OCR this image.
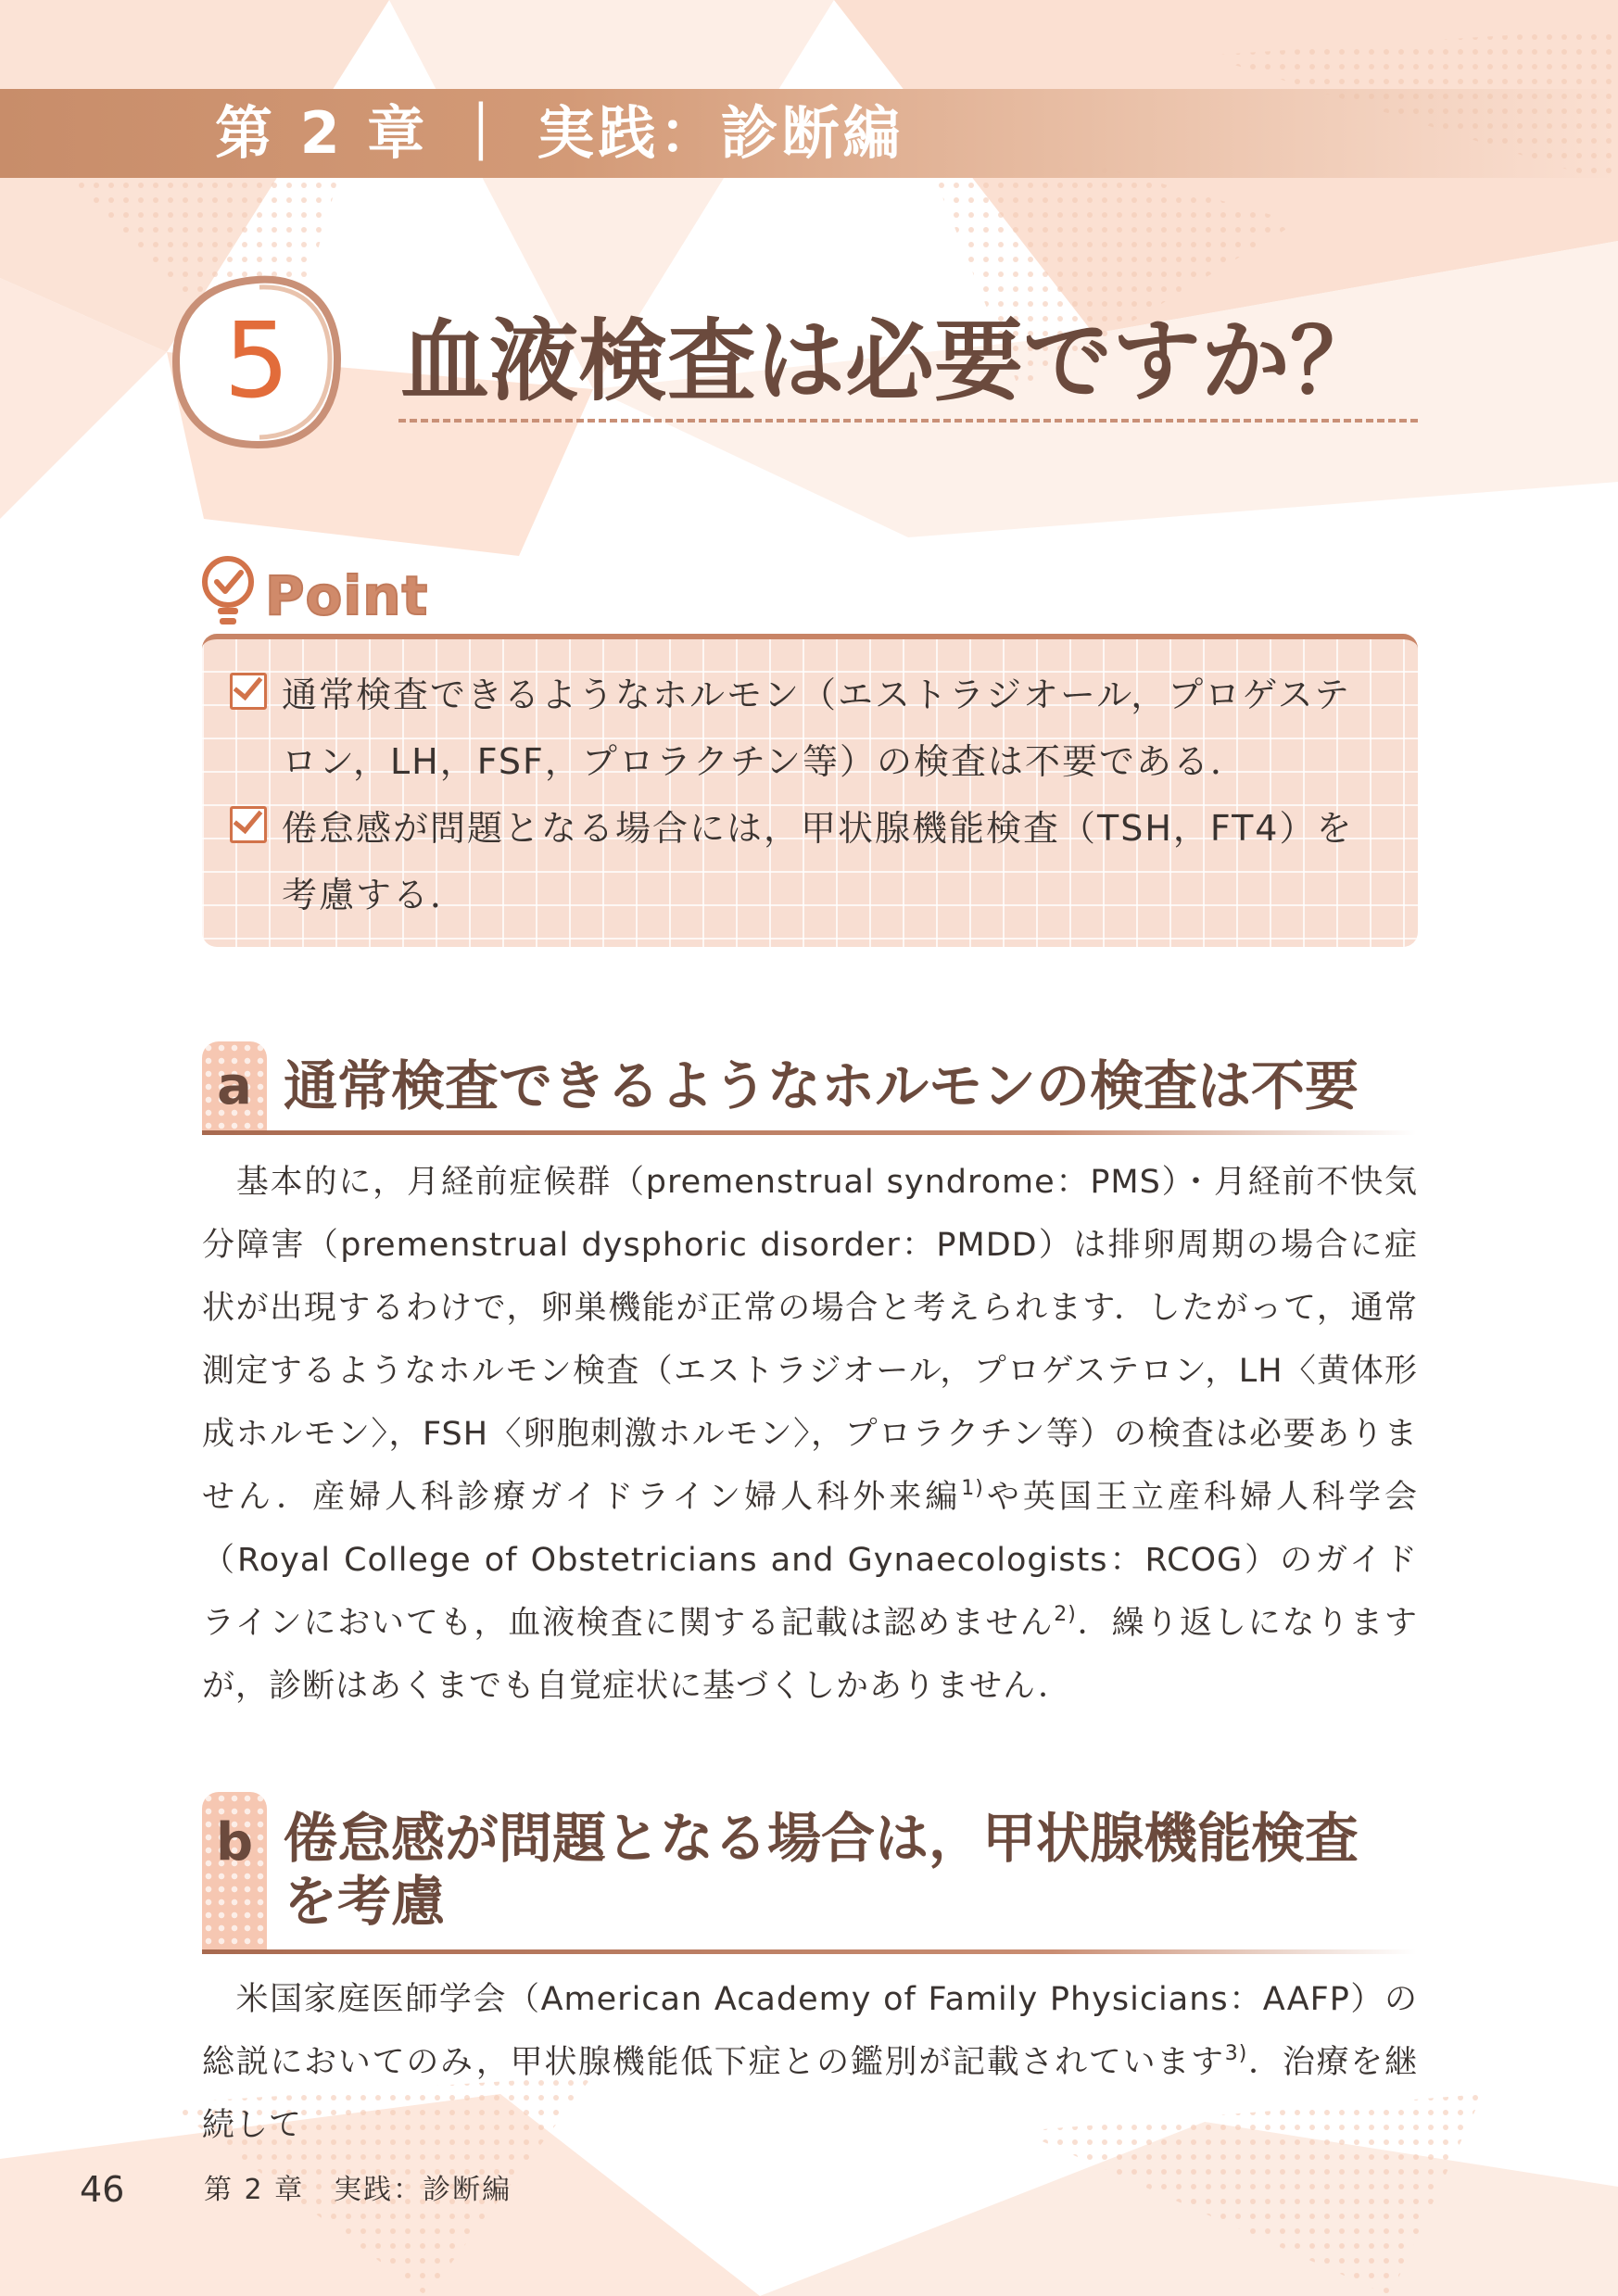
第 2 章 ｜ 実践：診断編
5	血液検査は必要ですか？
Point
通常検査できるようなホルモン（エストラジオール，プロゲステ
ロン，LH，FSF，プロラクチン等）の検査は不要である．
倦怠感が問題となる場合には，甲状腺機能検査（TSH，FT4）を
考慮する．
a 通常検査できるようなホルモンの検査は不要
基本的に，月経前症候群（premenstrual syndrome：PMS）・月経前不快気分障害（premenstrual dysphoric disorder：PMDD）は排卵周期の場合に症状が出現するわけで，卵巣機能が正常の場合と考えられます．したがって，通常測定するようなホルモン検査（エストラジオール，プロゲステロン，LH〈黄体形成ホルモン〉，FSH〈卵胞刺激ホルモン〉，プロラクチン等）の検査は必要ありません．産婦人科診療ガイドライン婦人科外来編$^{1)}$や英国王立産科婦人科学会（Royal College of Obstetricians and Gynaecologists：RCOG）のガイドラインにおいても，血液検査に関する記載は認めません$^{2)}$．繰り返しになりますが，診断はあくまでも自覚症状に基づくしかありません．
b 倦怠感が問題となる場合は，甲状腺機能検査
を考慮
米国家庭医師学会（American Academy of Family Physicians：AAFP）の総説においてのみ，甲状腺機能低下症との鑑別が記載されています$^{3)}$．治療を継続して
46	第 2 章　実践：診断編
